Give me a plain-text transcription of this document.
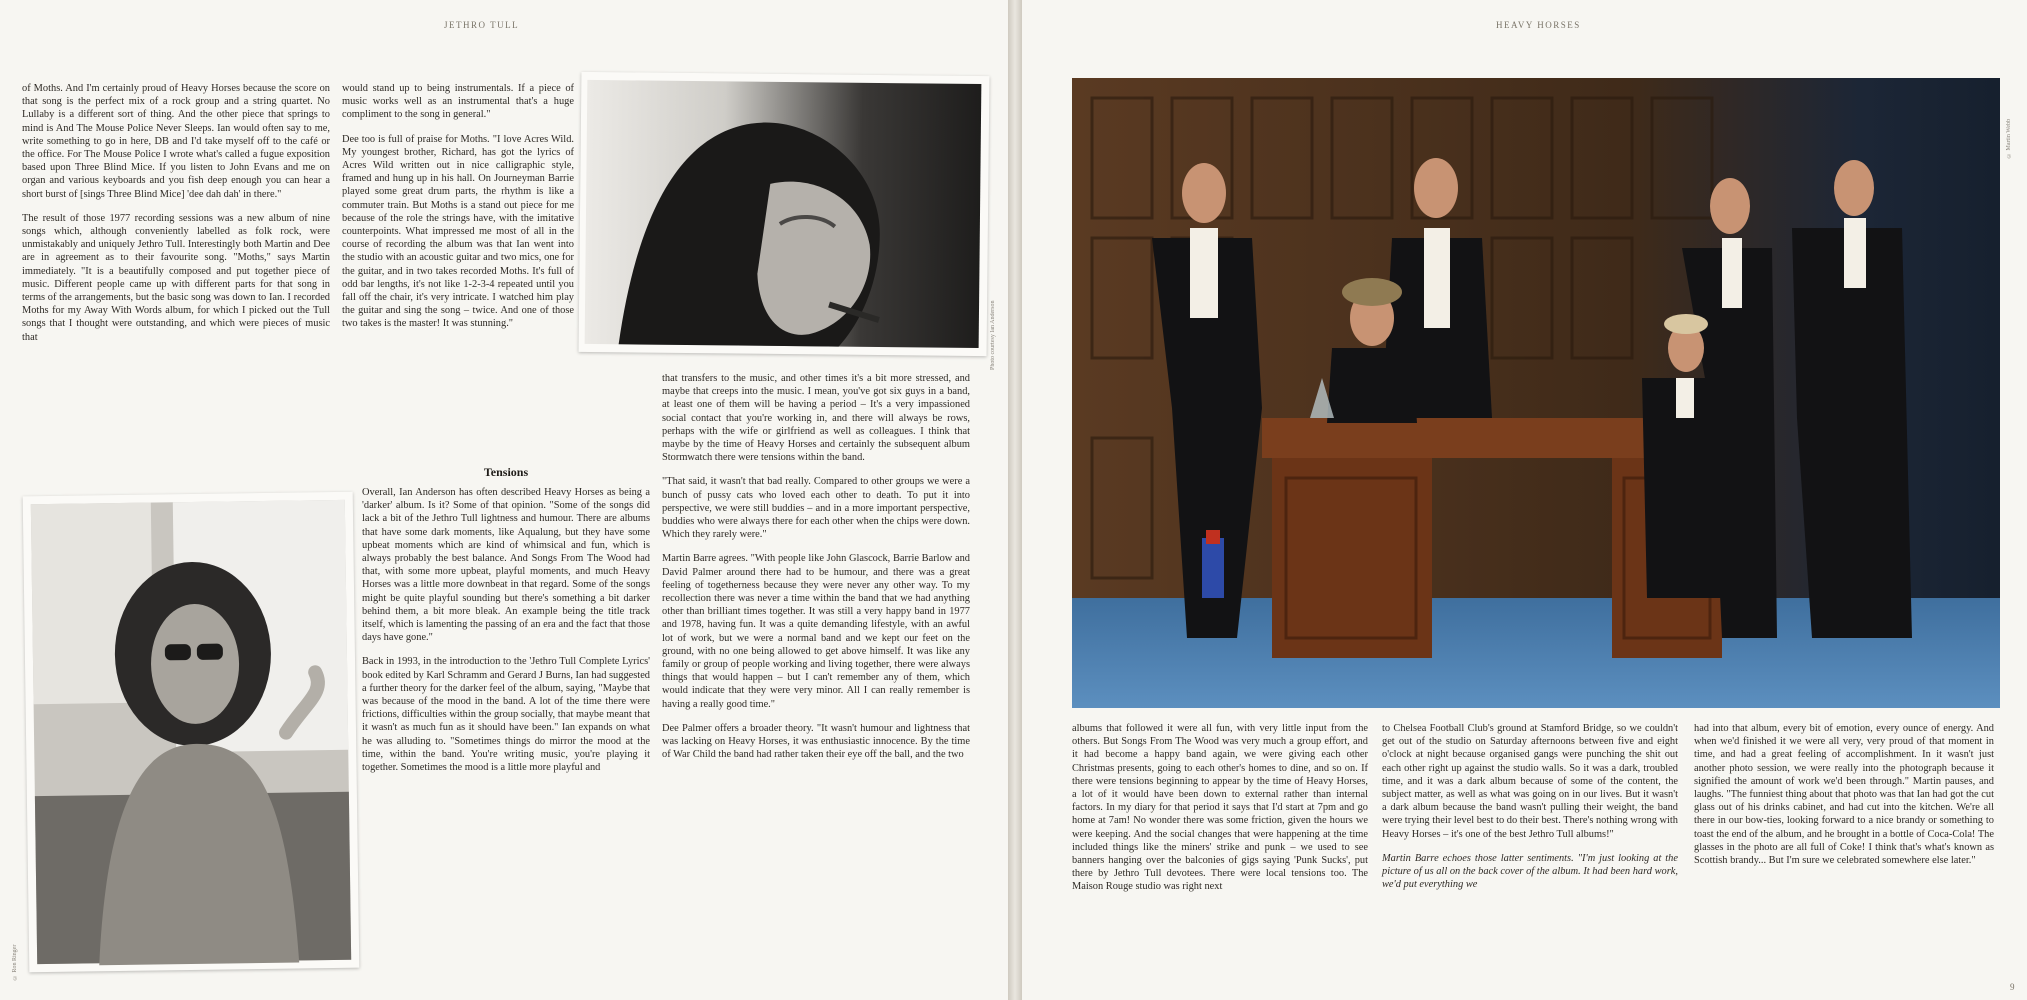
JETHRO TULL

of Moths. And I'm certainly proud of Heavy Horses because the score on that song is the perfect mix of a rock group and a string quartet. No Lullaby is a different sort of thing. And the other piece that springs to mind is And The Mouse Police Never Sleeps. Ian would often say to me, write something to go in here, DB and I'd take myself off to the café or the office. For The Mouse Police I wrote what's called a fugue exposition based upon Three Blind Mice. If you listen to John Evans and me on organ and various keyboards and you fish deep enough you can hear a short burst of [sings Three Blind Mice] 'dee dah dah' in there."

The result of those 1977 recording sessions was a new album of nine songs which, although conveniently labelled as folk rock, were unmistakably and uniquely Jethro Tull. Interestingly both Martin and Dee are in agreement as to their favourite song. "Moths," says Martin immediately. "It is a beautifully composed and put together piece of music. Different people came up with different parts for that song in terms of the arrangements, but the basic song was down to Ian. I recorded Moths for my Away With Words album, for which I picked out the Tull songs that I thought were outstanding, and which were pieces of music that

would stand up to being instrumentals. If a piece of music works well as an instrumental that's a huge compliment to the song in general."

Dee too is full of praise for Moths. "I love Acres Wild. My youngest brother, Richard, has got the lyrics of Acres Wild written out in nice calligraphic style, framed and hung up in his hall. On Journeyman Barrie played some great drum parts, the rhythm is like a commuter train. But Moths is a stand out piece for me because of the role the strings have, with the imitative counterpoints. What impressed me most of all in the course of recording the album was that Ian went into the studio with an acoustic guitar and two mics, one for the guitar, and in two takes recorded Moths. It's full of odd bar lengths, it's not like 1-2-3-4 repeated until you fall off the chair, it's very intricate. I watched him play the guitar and sing the song – twice. And one of those two takes is the master! It was stunning."	Photo courtesy Ian Anderson
Tensions

Overall, Ian Anderson has often described Heavy Horses as being a 'darker' album. Is it? Some of that opinion. "Some of the songs did lack a bit of the Jethro Tull lightness and humour. There are albums that have some dark moments, like Aqualung, but they have some upbeat moments which are kind of whimsical and fun, which is always probably the best balance. And Songs From The Wood had that, with some more upbeat, playful moments, and much Heavy Horses was a little more downbeat in that regard. Some of the songs might be quite playful sounding but there's something a bit darker behind them, a bit more bleak. An example being the title track itself, which is lamenting the passing of an era and the fact that those days have gone."

Back in 1993, in the introduction to the 'Jethro Tull Complete Lyrics' book edited by Karl Schramm and Gerard J Burns, Ian had suggested a further theory for the darker feel of the album, saying, "Maybe that was because of the mood in the band. A lot of the time there were frictions, difficulties within the group socially, that maybe meant that it wasn't as much fun as it should have been." Ian expands on what he was alluding to. "Sometimes things do mirror the mood at the time, within the band. You're writing music, you're playing it together. Sometimes the mood is a little more playful and

that transfers to the music, and other times it's a bit more stressed, and maybe that creeps into the music. I mean, you've got six guys in a band, at least one of them will be having a period – It's a very impassioned social contact that you're working in, and there will always be rows, perhaps with the wife or girlfriend as well as colleagues. I think that maybe by the time of Heavy Horses and certainly the subsequent album Stormwatch there were tensions within the band.

"That said, it wasn't that bad really. Compared to other groups we were a bunch of pussy cats who loved each other to death. To put it into perspective, we were still buddies – and in a more important perspective, buddies who were always there for each other when the chips were down. Which they rarely were."

Martin Barre agrees. "With people like John Glascock, Barrie Barlow and David Palmer around there had to be humour, and there was a great feeling of togetherness because they were never any other way. To my recollection there was never a time within the band that we had anything other than brilliant times together. It was still a very happy band in 1977 and 1978, having fun. It was a quite demanding lifestyle, with an awful lot of work, but we were a normal band and we kept our feet on the ground, with no one being allowed to get above himself. It was like any family or group of people working and living together, there were always things that would happen – but I can't remember any of them, which would indicate that they were very minor. All I can really remember is having a really good time."

Dee Palmer offers a broader theory. "It wasn't humour and lightness that was lacking on Heavy Horses, it was enthusiastic innocence. By the time of War Child the band had rather taken their eye off the ball, and the two

© Ron Ringer
HEAVY HORSES
© Martin Webb

albums that followed it were all fun, with very little input from the others. But Songs From The Wood was very much a group effort, and it had become a happy band again, we were giving each other Christmas presents, going to each other's homes to dine, and so on. If there were tensions beginning to appear by the time of Heavy Horses, a lot of it would have been down to external rather than internal factors. In my diary for that period it says that I'd start at 7pm and go home at 7am! No wonder there was some friction, given the hours we were keeping. And the social changes that were happening at the time included things like the miners' strike and punk – we used to see banners hanging over the balconies of gigs saying 'Punk Sucks', put there by Jethro Tull devotees. There were local tensions too. The Maison Rouge studio was right next

to Chelsea Football Club's ground at Stamford Bridge, so we couldn't get out of the studio on Saturday afternoons between five and eight o'clock at night because organised gangs were punching the shit out each other right up against the studio walls. So it was a dark, troubled time, and it was a dark album because of some of the content, the subject matter, as well as what was going on in our lives. But it wasn't a dark album because the band wasn't pulling their weight, the band were trying their level best to do their best. There's nothing wrong with Heavy Horses – it's one of the best Jethro Tull albums!"

Martin Barre echoes those latter sentiments. "I'm just looking at the picture of us all on the back cover of the album. It had been hard work, we'd put everything we

had into that album, every bit of emotion, every ounce of energy. And when we'd finished it we were all very, very proud of that moment in time, and had a great feeling of accomplishment. In it wasn't just another photo session, we were really into the photograph because it signified the amount of work we'd been through." Martin pauses, and laughs. "The funniest thing about that photo was that Ian had got the cut glass out of his drinks cabinet, and had cut into the kitchen. We're all there in our bow-ties, looking forward to a nice brandy or something to toast the end of the album, and he brought in a bottle of Coca-Cola! The glasses in the photo are all full of Coke! I think that's what's known as Scottish brandy... But I'm sure we celebrated somewhere else later."

9
